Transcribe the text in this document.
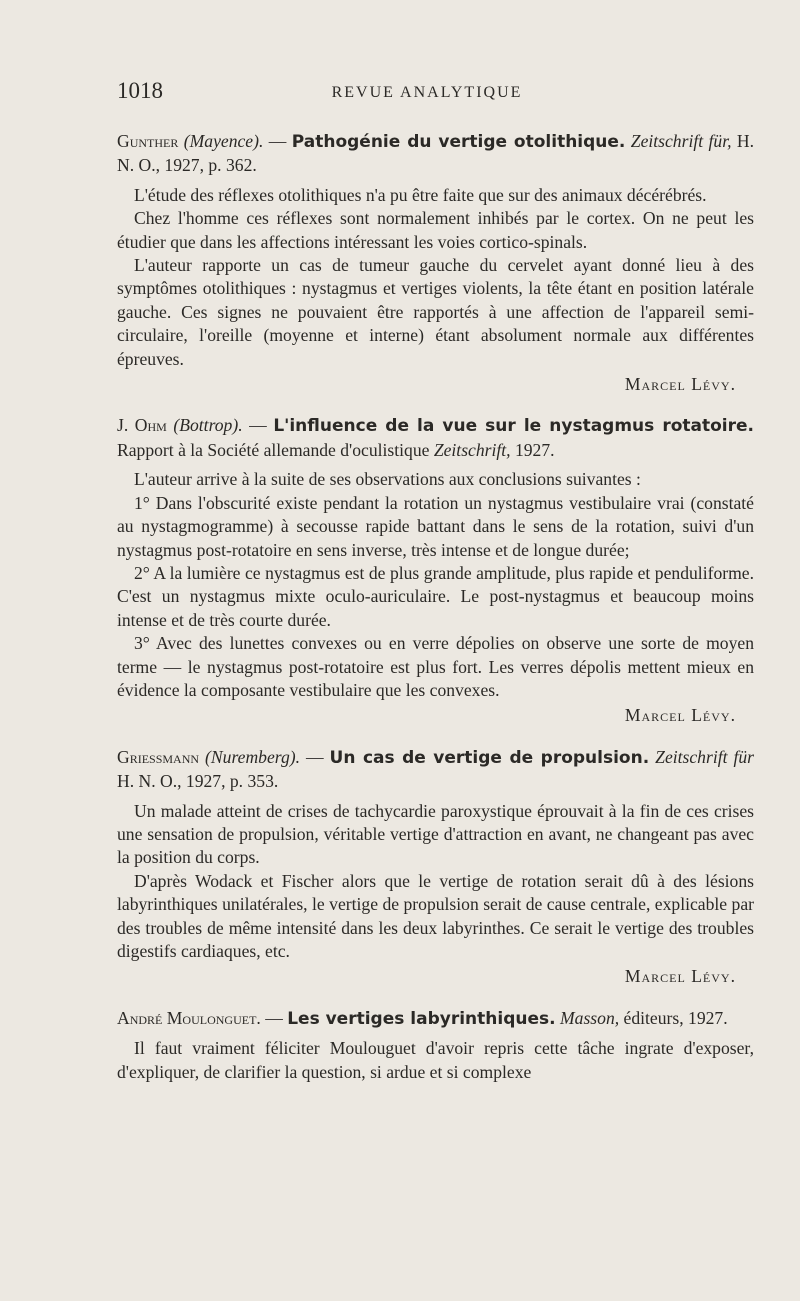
1018	REVUE ANALYTIQUE

Gunther (Mayence). — Pathogénie du vertige otolithique. Zeitschrift für, H. N. O., 1927, p. 362.

L'étude des réflexes otolithiques n'a pu être faite que sur des animaux décérébrés.

Chez l'homme ces réflexes sont normalement inhibés par le cortex. On ne peut les étudier que dans les affections intéressant les voies cortico-spinals.

L'auteur rapporte un cas de tumeur gauche du cervelet ayant donné lieu à des symptômes otolithiques : nystagmus et vertiges violents, la tête étant en position latérale gauche. Ces signes ne pouvaient être rapportés à une affection de l'appareil semi-circulaire, l'oreille (moyenne et interne) étant absolument normale aux différentes épreuves.

Marcel Lévy.

J. Ohm (Bottrop). — L'influence de la vue sur le nystagmus rotatoire. Rapport à la Société allemande d'oculistique Zeitschrift, 1927.

L'auteur arrive à la suite de ses observations aux conclusions suivantes :

1° Dans l'obscurité existe pendant la rotation un nystagmus vestibulaire vrai (constaté au nystagmogramme) à secousse rapide battant dans le sens de la rotation, suivi d'un nystagmus post-rotatoire en sens inverse, très intense et de longue durée;

2° A la lumière ce nystagmus est de plus grande amplitude, plus rapide et penduliforme. C'est un nystagmus mixte oculo-auriculaire. Le post-nystagmus et beaucoup moins intense et de très courte durée.

3° Avec des lunettes convexes ou en verre dépolies on observe une sorte de moyen terme — le nystagmus post-rotatoire est plus fort. Les verres dépolis mettent mieux en évidence la composante vestibulaire que les convexes.

Marcel Lévy.

Griessmann (Nuremberg). — Un cas de vertige de propulsion. Zeitschrift für H. N. O., 1927, p. 353.

Un malade atteint de crises de tachycardie paroxystique éprouvait à la fin de ces crises une sensation de propulsion, véritable vertige d'attraction en avant, ne changeant pas avec la position du corps.

D'après Wodack et Fischer alors que le vertige de rotation serait dû à des lésions labyrinthiques unilatérales, le vertige de propulsion serait de cause centrale, explicable par des troubles de même intensité dans les deux labyrinthes. Ce serait le vertige des troubles digestifs cardiaques, etc.

Marcel Lévy.

André Moulonguet. — Les vertiges labyrinthiques. Masson, éditeurs, 1927.

Il faut vraiment féliciter Moulouguet d'avoir repris cette tâche ingrate d'exposer, d'expliquer, de clarifier la question, si ardue et si complexe
